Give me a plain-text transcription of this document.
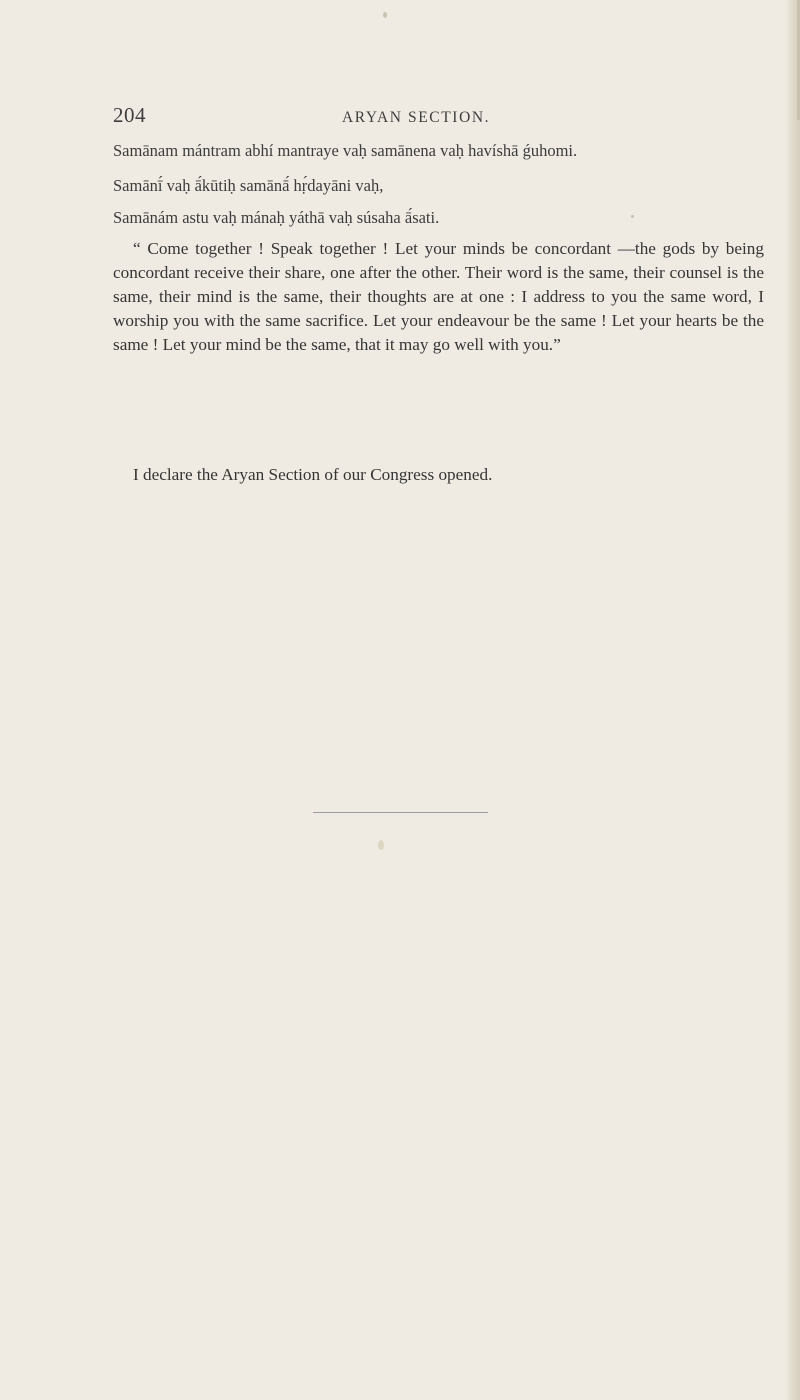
204	ARYAN SECTION.
Samānam mántram abhí mantraye vaḥ samānena vaḥ havíshā ǵuhomi.
Samānī́ vaḥ ā́kūtiḥ samānā́ hṛ́dayāni vaḥ,
Samānám astu vaḥ mánaḥ yáthā vaḥ súsaha ā́sati.

“ Come together ! Speak together ! Let your minds be concordant —the gods by being concordant receive their share, one after the other. Their word is the same, their counsel is the same, their mind is the same, their thoughts are at one : I address to you the same word, I worship you with the same sacrifice. Let your endeavour be the same ! Let your hearts be the same ! Let your mind be the same, that it may go well with you.”

I declare the Aryan Section of our Congress opened.
